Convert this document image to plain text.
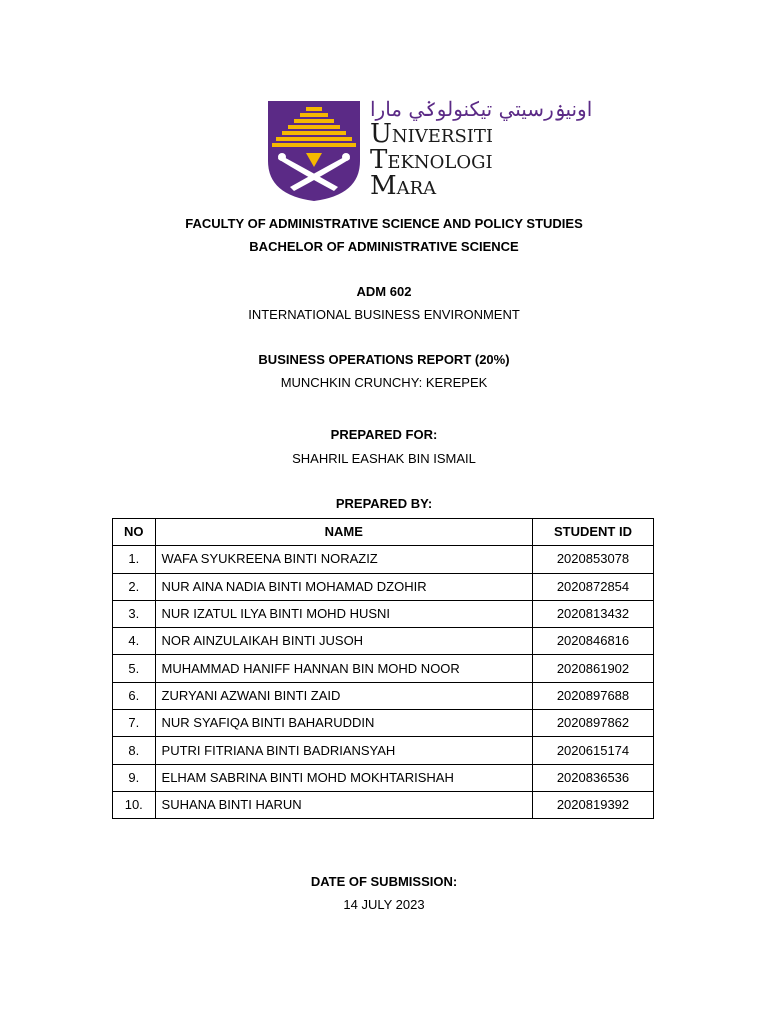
اونيۏرسيتي تيكنولوݢي مارا
Universiti
Teknologi
Mara
FACULTY OF ADMINISTRATIVE SCIENCE AND POLICY STUDIES
BACHELOR OF ADMINISTRATIVE SCIENCE
ADM 602
INTERNATIONAL BUSINESS ENVIRONMENT
BUSINESS OPERATIONS REPORT (20%)
MUNCHKIN CRUNCHY: KEREPEK
PREPARED FOR:
SHAHRIL EASHAK BIN ISMAIL
PREPARED BY:
NO	NAME	STUDENT ID
1.	WAFA SYUKREENA BINTI NORAZIZ	2020853078
2.	NUR AINA NADIA BINTI MOHAMAD DZOHIR	2020872854
3.	NUR IZATUL ILYA BINTI MOHD HUSNI	2020813432
4.	NOR AINZULAIKAH BINTI JUSOH	2020846816
5.	MUHAMMAD HANIFF HANNAN BIN MOHD NOOR	2020861902
6.	ZURYANI AZWANI BINTI ZAID	2020897688
7.	NUR SYAFIQA BINTI BAHARUDDIN	2020897862
8.	PUTRI FITRIANA BINTI BADRIANSYAH	2020615174
9.	ELHAM SABRINA BINTI MOHD MOKHTARISHAH	2020836536
10.	SUHANA BINTI HARUN	2020819392
DATE OF SUBMISSION:
14 JULY 2023
